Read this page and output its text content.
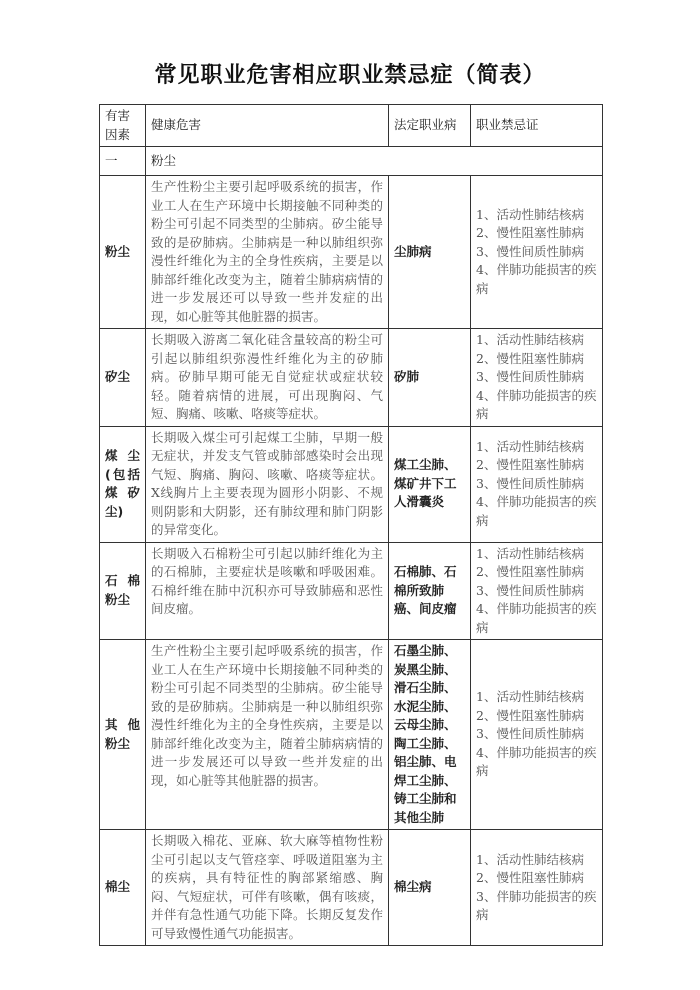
常见职业危害相应职业禁忌症（简表）
有害因素	健康危害	法定职业病	职业禁忌证
一	粉尘		
粉尘	生产性粉尘主要引起呼吸系统的损害，作业工人在生产环境中长期接触不同种类的粉尘可引起不同类型的尘肺病。矽尘能导致的是矽肺病。尘肺病是一种以肺组织弥漫性纤维化为主的全身性疾病，主要是以肺部纤维化改变为主，随着尘肺病病情的进一步发展还可以导致一些并发症的出现，如心脏等其他脏器的损害。	尘肺病	1、活动性肺结核病
2、慢性阻塞性肺病
3、慢性间质性肺病
4、伴肺功能损害的疾病

矽尘	长期吸入游离二氧化硅含量较高的粉尘可引起以肺组织弥漫性纤维化为主的矽肺病。矽肺早期可能无自觉症状或症状较轻。随着病情的进展，可出现胸闷、气短、胸痛、咳嗽、咯痰等症状。	矽肺	1、活动性肺结核病
2、慢性阻塞性肺病
3、慢性间质性肺病
4、伴肺功能损害的疾病

煤尘(包括煤矽尘)	长期吸入煤尘可引起煤工尘肺，早期一般无症状，并发支气管或肺部感染时会出现气短、胸痛、胸闷、咳嗽、咯痰等症状。X线胸片上主要表现为圆形小阴影、不规则阴影和大阴影，还有肺纹理和肺门阴影的异常变化。	煤工尘肺、煤矿井下工人滑囊炎	1、活动性肺结核病
2、慢性阻塞性肺病
3、慢性间质性肺病
4、伴肺功能损害的疾病

石棉粉尘	长期吸入石棉粉尘可引起以肺纤维化为主的石棉肺，主要症状是咳嗽和呼吸困难。石棉纤维在肺中沉积亦可导致肺癌和恶性间皮瘤。	石棉肺、石棉所致肺癌、间皮瘤	1、活动性肺结核病
2、慢性阻塞性肺病
3、慢性间质性肺病
4、伴肺功能损害的疾病

其他粉尘	生产性粉尘主要引起呼吸系统的损害，作业工人在生产环境中长期接触不同种类的粉尘可引起不同类型的尘肺病。矽尘能导致的是矽肺病。尘肺病是一种以肺组织弥漫性纤维化为主的全身性疾病，主要是以肺部纤维化改变为主，随着尘肺病病情的进一步发展还可以导致一些并发症的出现，如心脏等其他脏器的损害。	石墨尘肺、炭黑尘肺、滑石尘肺、水泥尘肺、云母尘肺、陶工尘肺、铝尘肺、电焊工尘肺、铸工尘肺和其他尘肺	1、活动性肺结核病
2、慢性阻塞性肺病
3、慢性间质性肺病
4、伴肺功能损害的疾病

棉尘	长期吸入棉花、亚麻、软大麻等植物性粉尘可引起以支气管痉挛、呼吸道阻塞为主的疾病，具有特征性的胸部紧缩感、胸闷、气短症状，可伴有咳嗽，偶有咳痰，并伴有急性通气功能下降。长期反复发作可导致慢性通气功能损害。	棉尘病	1、活动性肺结核病
2、慢性阻塞性肺病
3、伴肺功能损害的疾病
